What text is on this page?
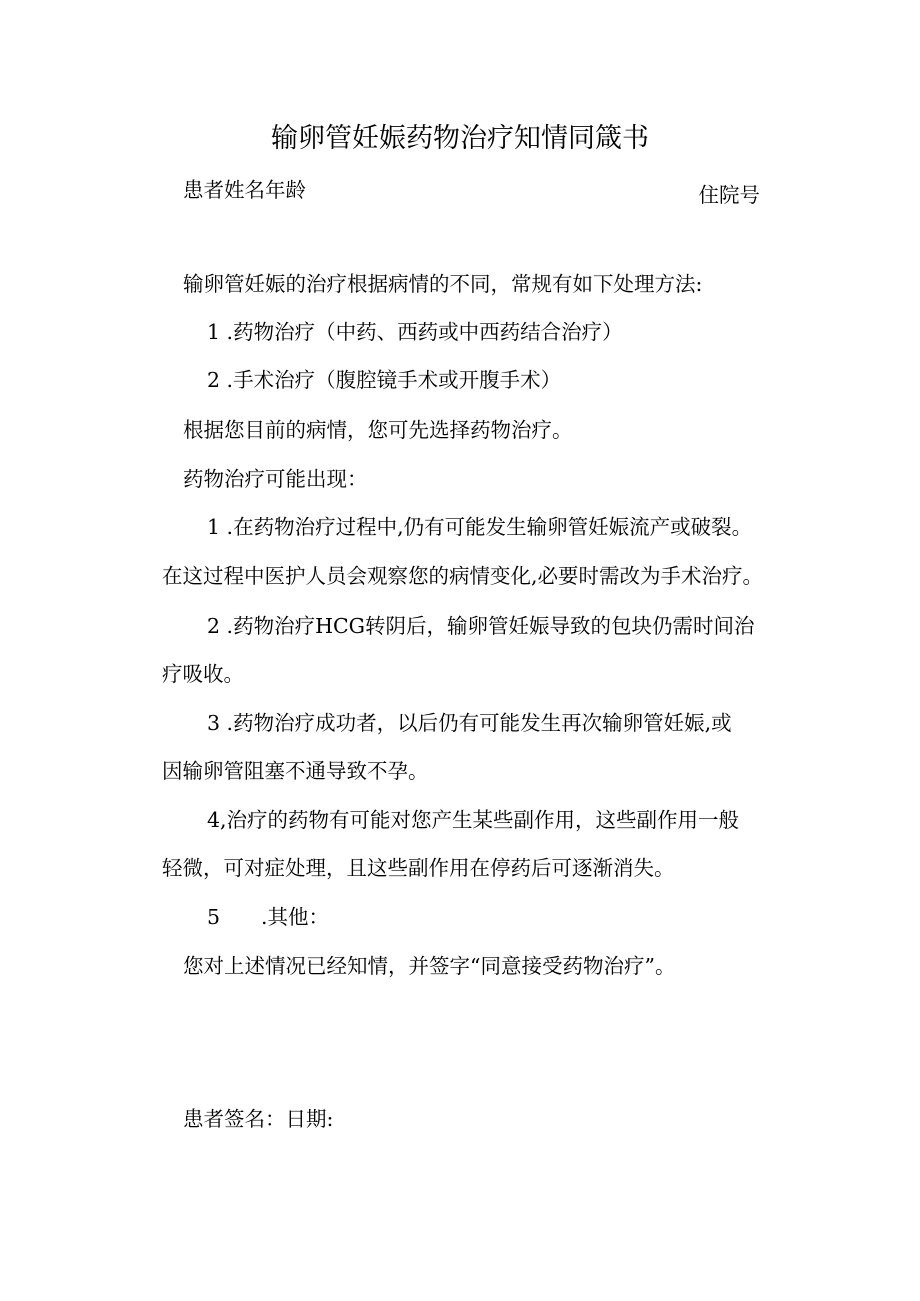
输卵管妊娠药物治疗知情同箴书
患者姓名年龄	住院号
输卵管妊娠的治疗根据病情的不同，常规有如下处理方法:
1 .药物治疗（中药、西药或中西药结合治疗）
2 .手术治疗（腹腔镜手术或开腹手术）
根据您目前的病情，您可先选择药物治疗。
药物治疗可能出现：
1 .在药物治疗过程中,仍有可能发生输卵管妊娠流产或破裂。
在这过程中医护人员会观察您的病情变化,必要时需改为手术治疗。
2 .药物治疗HCG转阴后，输卵管妊娠导致的包块仍需时间治
疗吸收。
3 .药物治疗成功者，以后仍有可能发生再次输卵管妊娠,或
因输卵管阻塞不通导致不孕。
4,治疗的药物有可能对您产生某些副作用，这些副作用一般
轻微，可对症处理，且这些副作用在停药后可逐渐消失。
5　　.其他：
您对上述情况已经知情，并签字“同意接受药物治疗”。
患者签名：日期:
